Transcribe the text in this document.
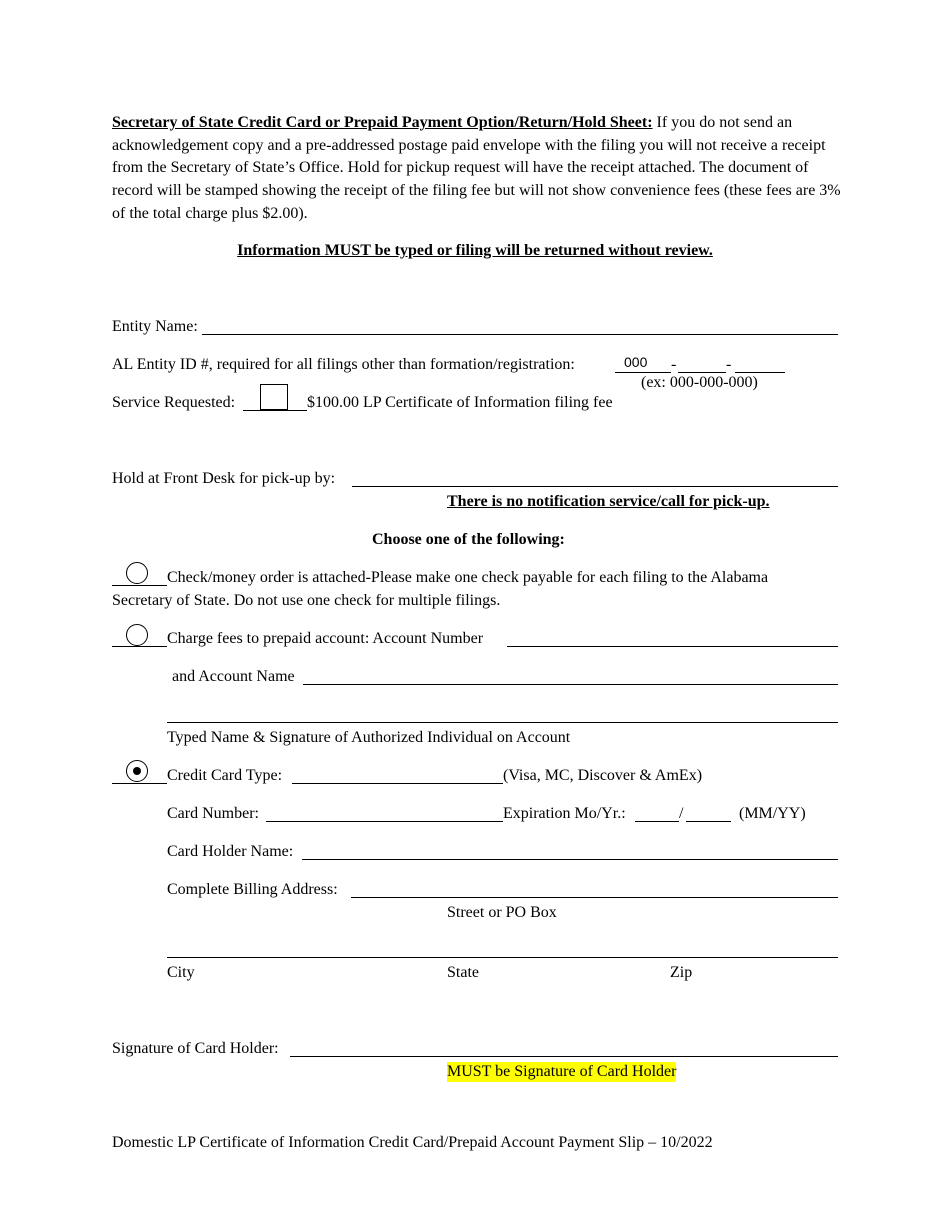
Secretary of State Credit Card or Prepaid Payment Option/Return/Hold Sheet: If you do not send an acknowledgement copy and a pre-addressed postage paid envelope with the filing you will not receive a receipt from the Secretary of State’s Office. Hold for pickup request will have the receipt attached. The document of record will be stamped showing the receipt of the filing fee but will not show convenience fees (these fees are 3% of the total charge plus $2.00).
Information MUST be typed or filing will be returned without review.
Entity Name:
AL Entity ID #, required for all filings other than formation/registration:	000 -	-
(ex: 000-000-000)
Service Requested:	$100.00 LP Certificate of Information filing fee
Hold at Front Desk for pick-up by:
There is no notification service/call for pick-up.
Choose one of the following:
Check/money order is attached-Please make one check payable for each filing to the Alabama
Secretary of State. Do not use one check for multiple filings.
Charge fees to prepaid account: Account Number
and Account Name
Typed Name & Signature of Authorized Individual on Account
Credit Card Type:	(Visa, MC, Discover & AmEx)
Card Number:	Expiration Mo/Yr.:	/	(MM/YY)
Card Holder Name:
Complete Billing Address:
Street or PO Box
City	State	Zip
Signature of Card Holder:
MUST be Signature of Card Holder
Domestic LP Certificate of Information Credit Card/Prepaid Account Payment Slip – 10/2022
